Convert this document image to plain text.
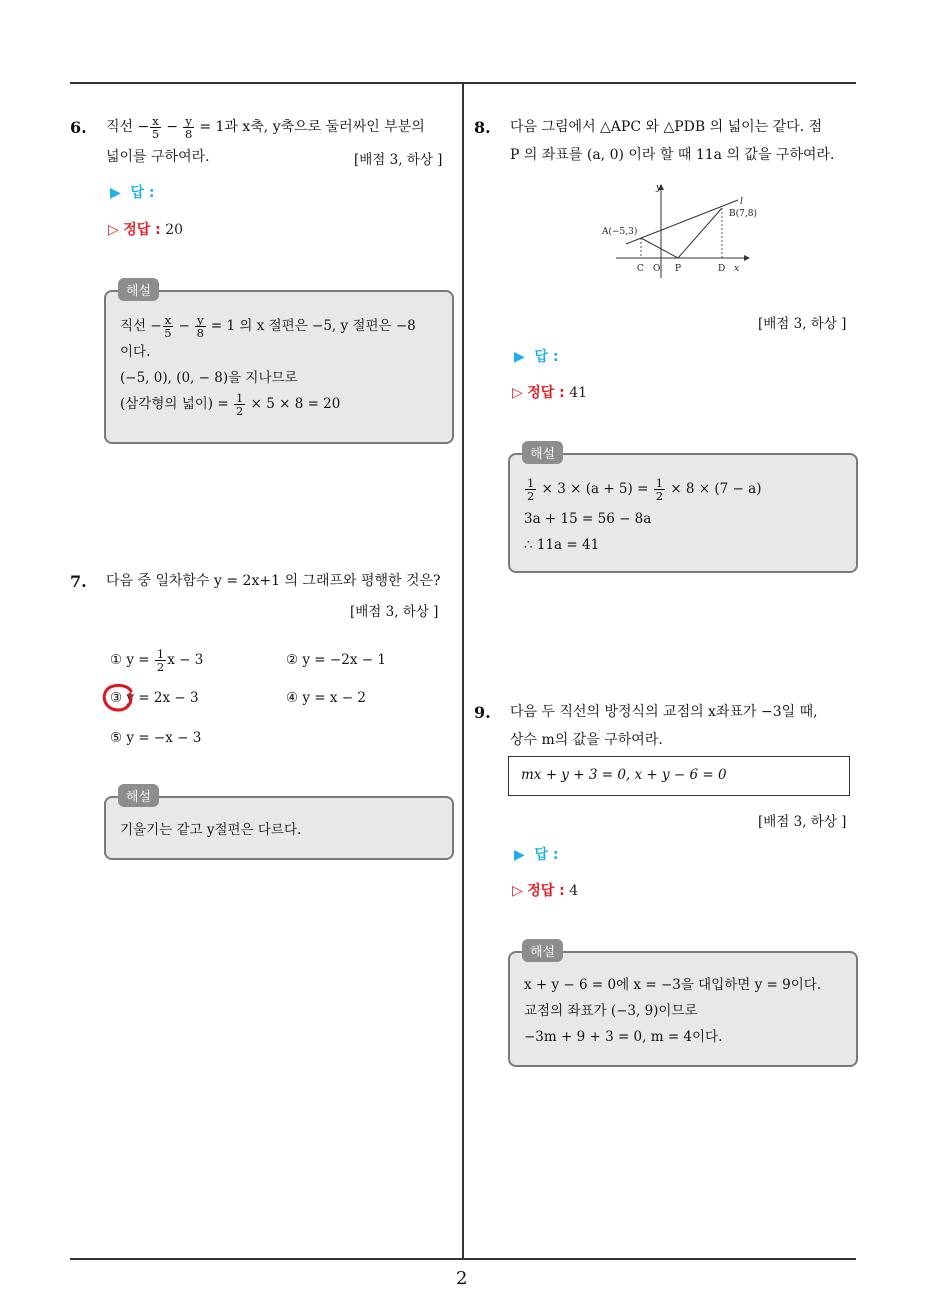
6. 직선 − $\frac{x}{5} - \frac{y}{8} = 1$과 x축, y축으로 둘러싸인 부분의
넓이를 구하여라.	[배점 3, 하상 ]
▶  답 :
▷ 정답 : 20
직선 − $\frac{x}{5} - \frac{y}{8} = 1$ 의 x 절편은 −5, y 절편은 −8
이다.
(−5, 0), (0, − 8)을 지나므로
(삼각형의 넓이) = $\frac{1}{2} \times 5 \times 8 = 20$
해설
7. 다음 중 일차함수 y = 2x+1 의 그래프와 평행한 것은?
[배점 3, 하상 ]
① $y = \frac{1}{2}$ x − 3	② y = −2x − 1
③ y = 2x − 3	④ y = x − 2
⑤ y = −x − 3
기울기는 같고 y절편은 다르다.
해설
8. 다음 그림에서 △APC 와 △PDB 의 넓이는 같다. 점
P 의 좌표를 (a, 0) 이라 할 때 11a 의 값을 구하여라.
A(−5,3)
B(7,8)
C O P	D x
y
l
[배점 3, 하상 ]
▶  답 :
▷ 정답 : 41
$\frac{1}{2} \times 3 \times (a + 5) = \frac{1}{2} \times 8 \times (7 - a)$
3a + 15 = 56 − 8a
∴ 11a = 41
해설
9. 다음 두 직선의 방정식의 교점의 x좌표가 −3일 때,
상수 m의 값을 구하여라.
mx + y + 3 = 0, x + y − 6 = 0
[배점 3, 하상 ]
▶  답 :
▷ 정답 : 4
x + y − 6 = 0에 x = −3을 대입하면 y = 9이다.
교점의 좌표가 (−3, 9)이므로
−3m + 9 + 3 = 0, m = 4이다.
해설
2
